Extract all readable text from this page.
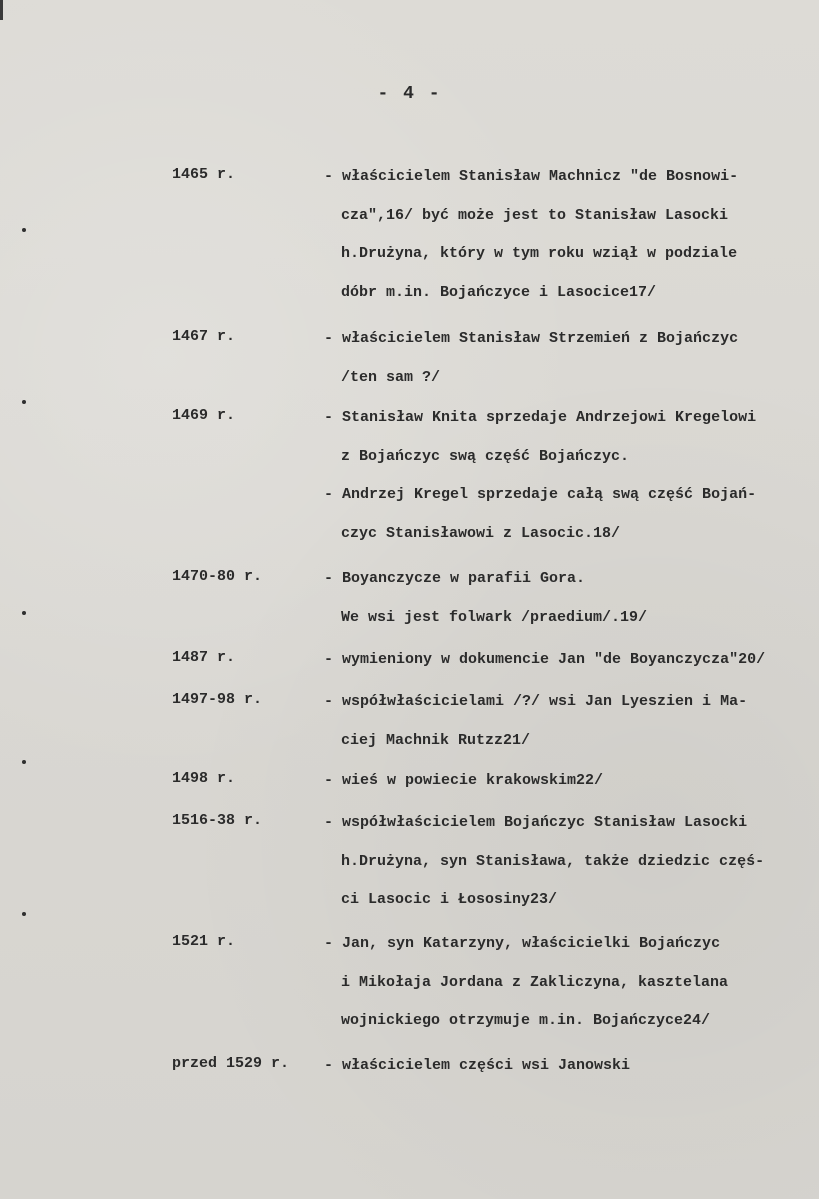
- 4 -
1465 r.	- właścicielem Stanisław Machnicz "de Bosnowi-
cza",16/ być może jest to Stanisław Lasocki
h.Drużyna, który w tym roku wziął w podziale
dóbr m.in. Bojańczyce i Lasocice17/
1467 r.	- właścicielem Stanisław Strzemień z Bojańczyc
/ten sam ?/
1469 r.	- Stanisław Knita sprzedaje Andrzejowi Kregelowi
z Bojańczyc swą część Bojańczyc.
- Andrzej Kregel sprzedaje całą swą część Bojań-
czyc Stanisławowi z Lasocic.18/
1470-80 r.	- Boyanczycze w parafii Gora.
We wsi jest folwark /praedium/.19/
1487 r.	- wymieniony w dokumencie Jan "de Boyanczycza"20/
1497-98 r.	- współwłaścicielami /?/ wsi Jan Lyeszien i Ma-
ciej Machnik Rutzz21/
1498 r.	- wieś w powiecie krakowskim22/
1516-38 r.	- współwłaścicielem Bojańczyc Stanisław Lasocki
h.Drużyna, syn Stanisława, także dziedzic częś-
ci Lasocic i Łososiny23/
1521 r.	- Jan, syn Katarzyny, właścicielki Bojańczyc
i Mikołaja Jordana z Zakliczyna, kasztelana
wojnickiego otrzymuje m.in. Bojańczyce24/
przed 1529 r. - właścicielem części wsi Janowski
